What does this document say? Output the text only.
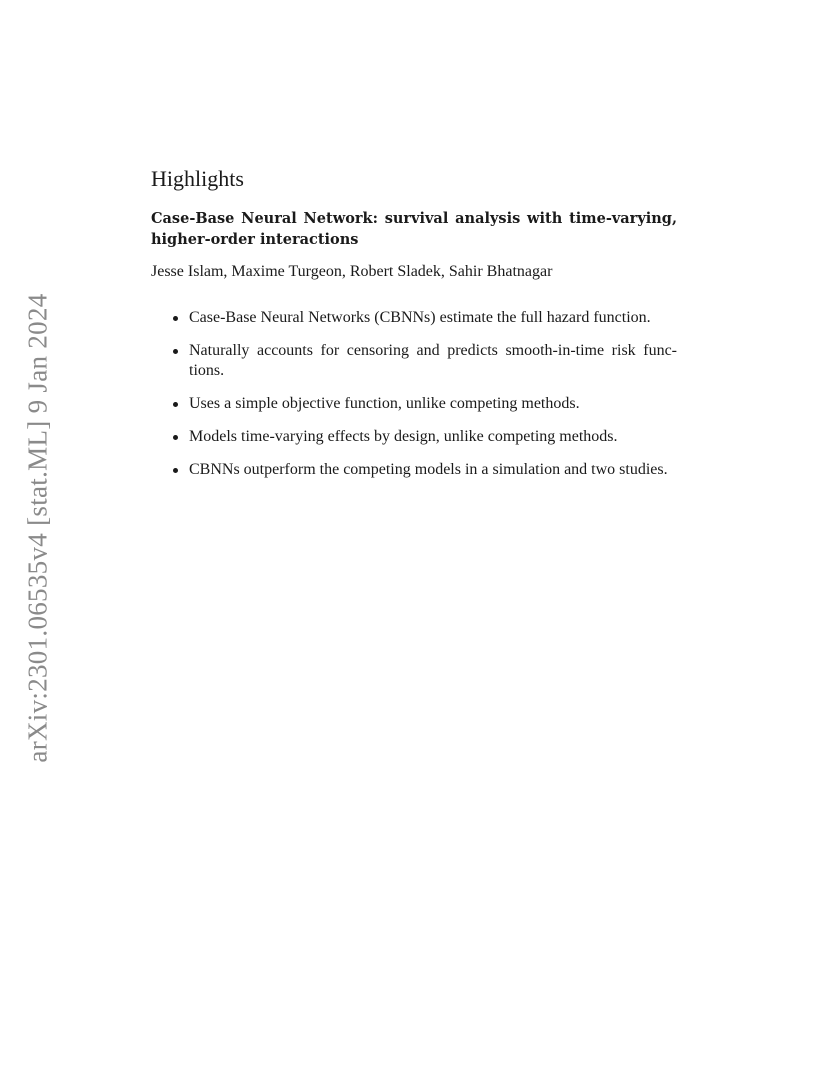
arXiv:2301.06535v4 [stat.ML] 9 Jan 2024
Highlights
Case-Base Neural Network: survival analysis with time-varying, higher-order interactions
Jesse Islam, Maxime Turgeon, Robert Sladek, Sahir Bhatnagar
Case-Base Neural Networks (CBNNs) estimate the full hazard function.
Naturally accounts for censoring and predicts smooth-in-time risk func-tions.
Uses a simple objective function, unlike competing methods.
Models time-varying effects by design, unlike competing methods.
CBNNs outperform the competing models in a simulation and two studies.
